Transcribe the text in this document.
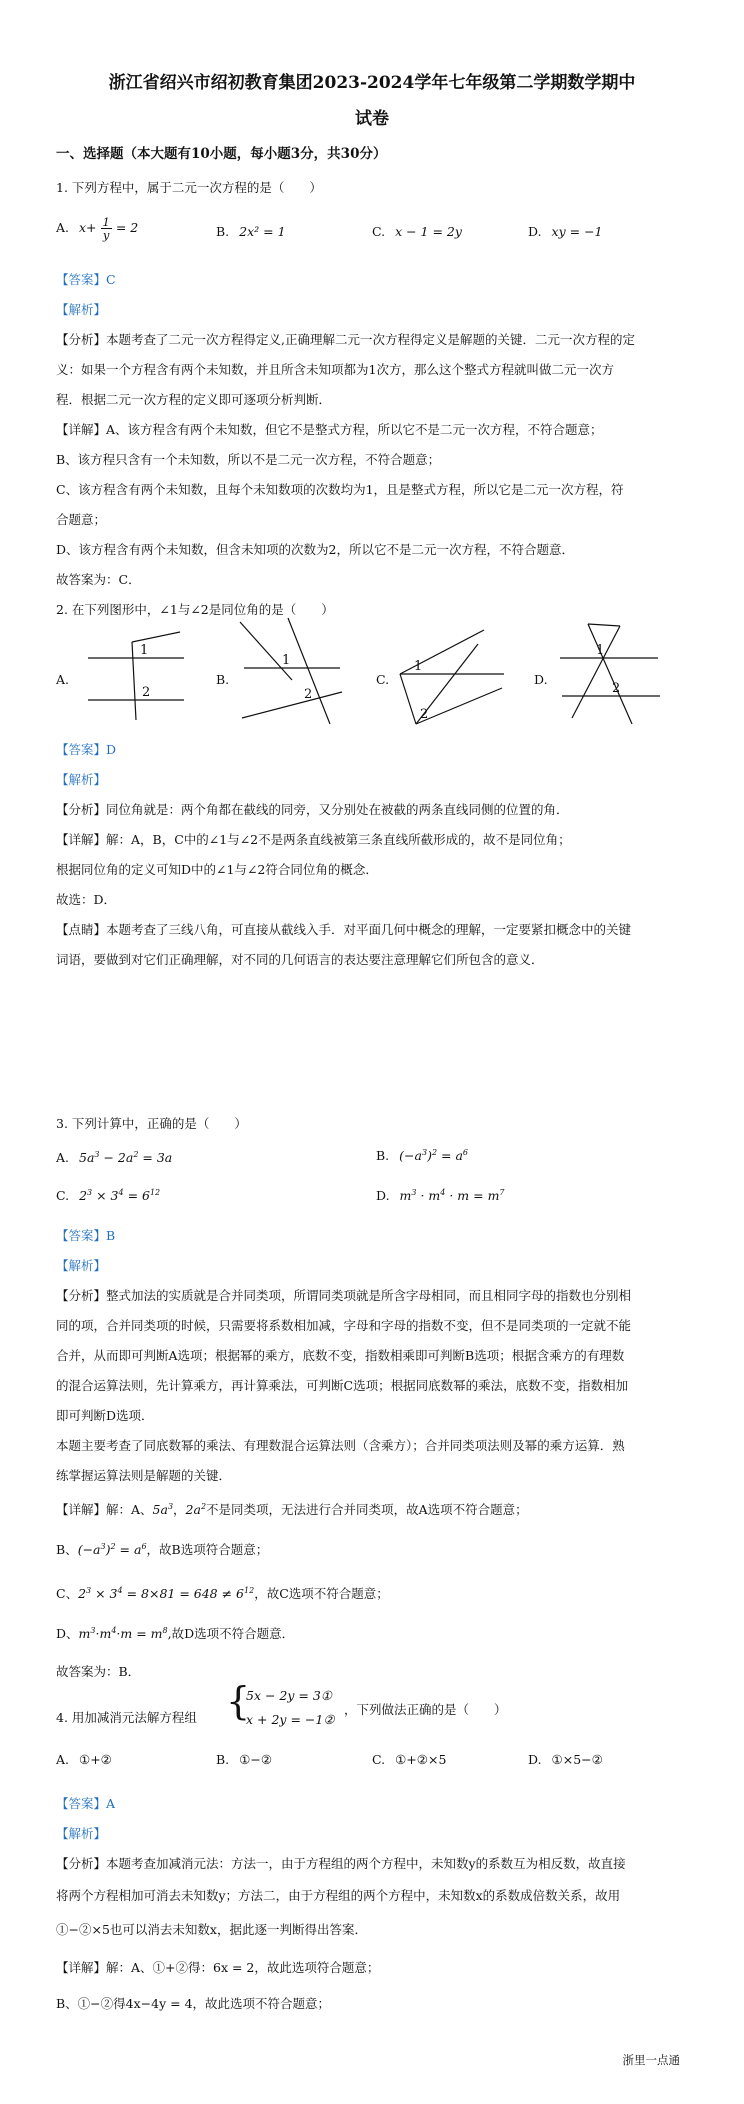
浙江省绍兴市绍初教育集团2023-2024学年七年级第二学期数学期中
试卷
一、选择题（本大题有10小题，每小题3分，共30分）
1. 下列方程中，属于二元一次方程的是（　　）
A. $x+ \frac{1}{y} = 2$	B. 2x² = 1	C. x − 1 = 2y	D. xy = −1
【答案】C
【解析】
【分析】本题考查了二元一次方程得定义,正确理解二元一次方程得定义是解题的关键．二元一次方程的定
义：如果一个方程含有两个未知数，并且所含未知项都为1次方，那么这个整式方程就叫做二元一次方
程．根据二元一次方程的定义即可逐项分析判断．
【详解】A、该方程含有两个未知数，但它不是整式方程，所以它不是二元一次方程，不符合题意；
B、该方程只含有一个未知数，所以不是二元一次方程，不符合题意；
C、该方程含有两个未知数，且每个未知数项的次数均为1，且是整式方程，所以它是二元一次方程，符
合题意；
D、该方程含有两个未知数，但含未知项的次数为2，所以它不是二元一次方程，不符合题意．
故答案为：C．
2. 在下列图形中，∠1与∠2是同位角的是（　　）
A.
1
2
B.
1
2
C.
1
2
D.
1
2
【答案】D
【解析】
【分析】同位角就是：两个角都在截线的同旁，又分别处在被截的两条直线同侧的位置的角．
【详解】解：A，B，C中的∠1与∠2不是两条直线被第三条直线所截形成的，故不是同位角；
根据同位角的定义可知D中的∠1与∠2符合同位角的概念．
故选：D．
【点睛】本题考查了三线八角，可直接从截线入手．对平面几何中概念的理解，一定要紧扣概念中的关键
词语，要做到对它们正确理解，对不同的几何语言的表达要注意理解它们所包含的意义．
3. 下列计算中，正确的是（　　）
A. $5a^3 - 2a^2 = 3a$	B. $(-a^3)^2 = a^6$
C. $2^3 \times 3^4 = 6^{12}$	D. $m^3 \cdot m^4 \cdot m = m^7$
【答案】B
【解析】
【分析】整式加法的实质就是合并同类项，所谓同类项就是所含字母相同，而且相同字母的指数也分别相
同的项，合并同类项的时候，只需要将系数相加减，字母和字母的指数不变，但不是同类项的一定就不能
合并，从而即可判断A选项；根据幂的乘方，底数不变，指数相乘即可判断B选项；根据含乘方的有理数
的混合运算法则，先计算乘方，再计算乘法，可判断C选项；根据同底数幂的乘法，底数不变，指数相加
即可判断D选项．
本题主要考查了同底数幂的乘法、有理数混合运算法则（含乘方）；合并同类项法则及幂的乘方运算．熟
练掌握运算法则是解题的关键．
【详解】解：A、$5a^3$，$2a^2$不是同类项，无法进行合并同类项，故A选项不符合题意；
B、$(-a^3)^2 = a^6$，故B选项符合题意；
C、$2^3 \times 3^4 = 8\times 81 = 648 \ne 6^{12}$，故C选项不符合题意；
D、$m^3\cdot m^4\cdot m = m^8$,故D选项不符合题意．
故答案为：B．
4. 用加减消元法解方程组 {
5x − 2y = 3①
x + 2y = −1②
，下列做法正确的是（　　）
A. ①+②	B. ①−②	C. ①+②×5	D. ①×5−②
【答案】A
【解析】
【分析】本题考查加减消元法：方法一，由于方程组的两个方程中，未知数y的系数互为相反数，故直接
将两个方程相加可消去未知数y；方法二，由于方程组的两个方程中，未知数x的系数成倍数关系，故用
①−②×5也可以消去未知数x，据此逐一判断得出答案．
【详解】解：A、①+②得：6x = 2，故此选项符合题意；
B、①−②得4x−4y = 4，故此选项不符合题意；
浙里一点通
